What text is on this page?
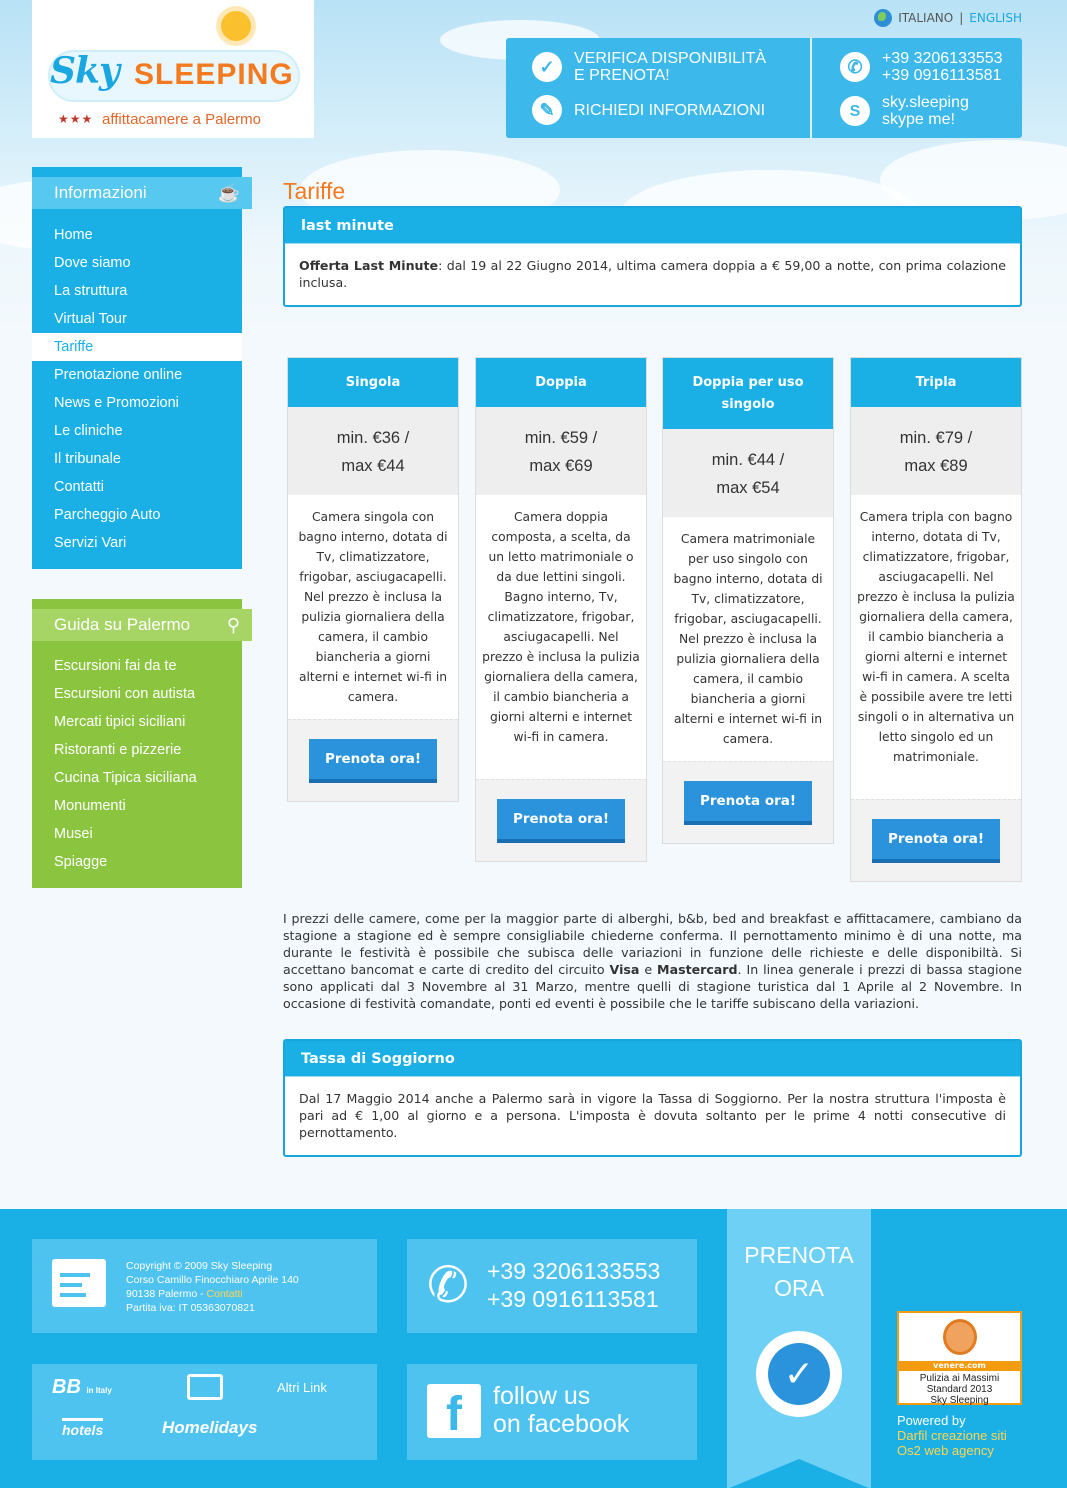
Sky SLEEPING
★★★ affittacamere a Palermo
ITALIANO | ENGLISH
✓	VERIFICA DISPONIBILITÀ
E PRENOTA!
✎	RICHIEDI INFORMAZIONI
✆	+39 3206133553
+39 0916113581
S	sky.sleeping
skype me!
Informazioni	☕
Home
Dove siamo
La struttura
Virtual Tour
Tariffe
Prenotazione online
News e Promozioni
Le cliniche
Il tribunale
Contatti
Parcheggio Auto
Servizi Vari
Guida su Palermo ⚲
Escursioni fai da te
Escursioni con autista
Mercati tipici siciliani
Ristoranti e pizzerie
Cucina Tipica siciliana
Monumenti
Musei
Spiagge
Tariffe
last minute
Offerta Last Minute: dal 19 al 22 Giugno 2014, ultima camera doppia a € 59,00 a notte, con prima colazione inclusa.
Singola
min. €36 /
max €44
Camera singola con bagno interno, dotata di Tv, climatizzatore, frigobar, asciugacapelli. Nel prezzo è inclusa la pulizia giornaliera della camera, il cambio biancheria a giorni alterni e internet wi-fi in camera.
Prenota ora!
Doppia
min. €59 /
max €69
Camera doppia composta, a scelta, da un letto matrimoniale o da due lettini singoli. Bagno interno, Tv, climatizzatore, frigobar, asciugacapelli. Nel prezzo è inclusa la pulizia giornaliera della camera, il cambio biancheria a giorni alterni e internet wi-fi in camera.
Prenota ora!
Doppia per uso singolo
min. €44 /
max €54
Camera matrimoniale per uso singolo con bagno interno, dotata di Tv, climatizzatore, frigobar, asciugacapelli. Nel prezzo è inclusa la pulizia giornaliera della camera, il cambio biancheria a giorni alterni e internet wi-fi in camera.
Prenota ora!
Tripla
min. €79 /
max €89
Camera tripla con bagno interno, dotata di Tv, climatizzatore, frigobar, asciugacapelli. Nel prezzo è inclusa la pulizia giornaliera della camera, il cambio biancheria a giorni alterni e internet wi-fi in camera. A scelta è possibile avere tre letti singoli o in alternativa un letto singolo ed un matrimoniale.
Prenota ora!
I prezzi delle camere, come per la maggior parte di alberghi, b&b, bed and breakfast e affittacamere, cambiano da stagione a stagione ed è sempre consigliabile chiederne conferma. Il pernottamento minimo è di una notte, ma durante le festività è possibile che subisca delle variazioni in funzione delle richieste e delle disponibiltà. Si accettano bancomat e carte di credito del circuito Visa e Mastercard. In linea generale i prezzi di bassa stagione sono applicati dal 3 Novembre al 31 Marzo, mentre quelli di stagione turistica dal 1 Aprile al 2 Novembre. In occasione di festività comandate, ponti ed eventi è possibile che le tariffe subiscano della variazioni.
Tassa di Soggiorno
Dal 17 Maggio 2014 anche a Palermo sarà in vigore la Tassa di Soggiorno. Per la nostra struttura l'imposta è pari ad € 1,00 al giorno e a persona. L'imposta è dovuta soltanto per le prime 4 notti consecutive di pernottamento.
Copyright © 2009 Sky Sleeping
Corso Camillo Finocchiaro Aprile 140
90138 Palermo - Contatti
Partita iva: IT 05363070821	✆ +39 3206133553
+39 0916113581
BB in Italy	Altri Link
hotels	Homelidays	f	follow us
on facebook
PRENOTA
ORA
✓	venere.com
Pulizia ai Massimi
Standard 2013
Sky Sleeping
Powered by
Darfil creazione siti
Os2 web agency
